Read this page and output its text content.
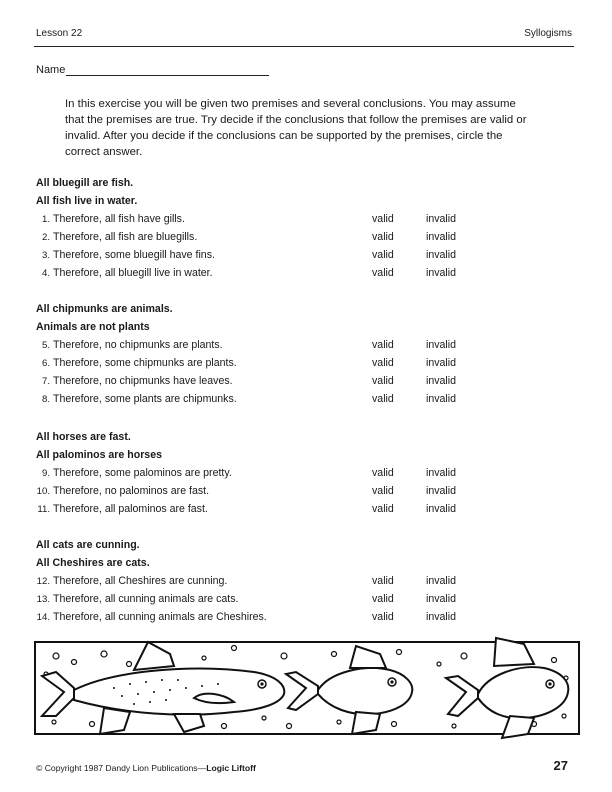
Lesson 22	Syllogisms
Name
In this exercise you will be given two premises and several conclusions. You may assume that the premises are true. Try decide if the conclusions that follow the premises are valid or invalid. After you decide if the conclusions can be supported by the premises, circle the correct answer.
All bluegill are fish.
All fish live in water.
1. Therefore, all fish have gills.	valid	invalid
2. Therefore, all fish are bluegills.	valid	invalid
3. Therefore, some bluegill have fins.	valid	invalid
4. Therefore, all bluegill live in water.	valid	invalid
All chipmunks are animals.
Animals are not plants
5. Therefore, no chipmunks are plants.	valid	invalid
6. Therefore, some chipmunks are plants.	valid	invalid
7. Therefore, no chipmunks have leaves.	valid	invalid
8. Therefore, some plants are chipmunks.	valid	invalid
All horses are fast.
All palominos are horses
9. Therefore, some palominos are pretty.	valid	invalid
10. Therefore, no palominos are fast.	valid	invalid
11. Therefore, all palominos are fast.	valid	invalid
All cats are cunning.
All Cheshires are cats.
12. Therefore, all Cheshires are cunning.	valid	invalid
13. Therefore, all cunning animals are cats.	valid	invalid
14. Therefore, all cunning animals are Cheshires.	valid	invalid
© Copyright 1987 Dandy Lion Publications—Logic Liftoff	27
